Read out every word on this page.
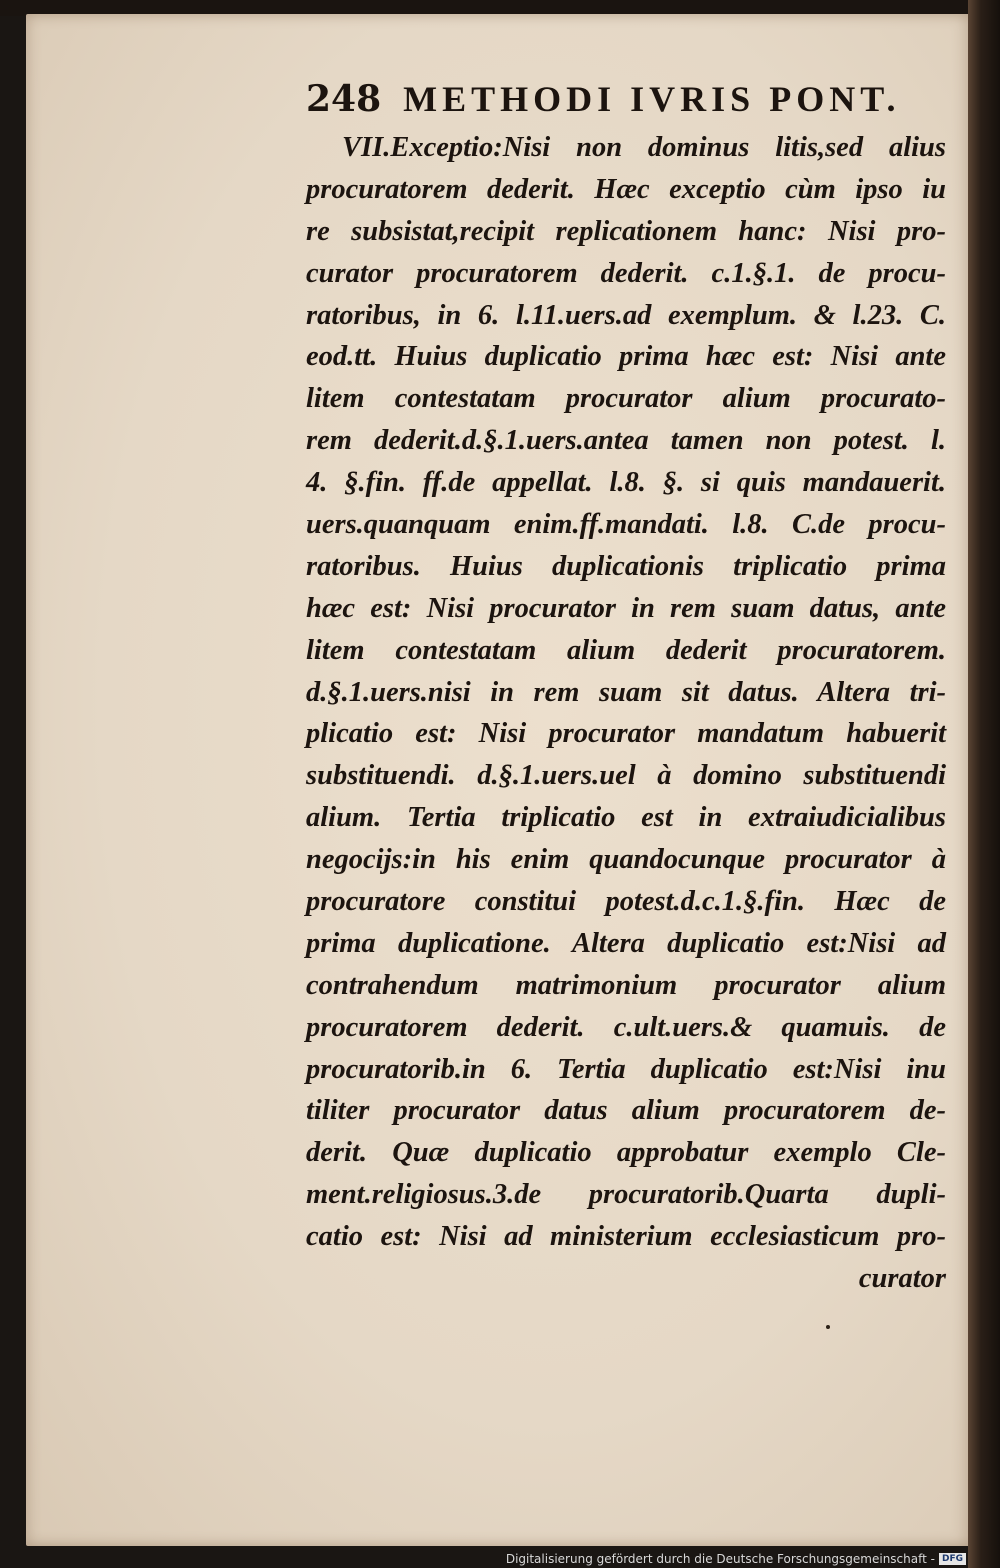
248 METHODI IVRIS PONT.
VII.Exceptio:Nisi non dominus litis,sed alius
procuratorem dederit. Hæc exceptio cùm ipso iu
re subsistat,recipit replicationem hanc: Nisi pro-
curator procuratorem dederit. c.1.§.1. de procu-
ratoribus, in 6. l.11.uers.ad exemplum. & l.23. C.
eod.tt. Huius duplicatio prima hæc est: Nisi ante
litem contestatam procurator alium procurato-
rem dederit.d.§.1.uers.antea tamen non potest. l.
4. §.fin. ff.de appellat. l.8. §. si quis mandauerit.
uers.quanquam enim.ff.mandati. l.8. C.de procu-
ratoribus. Huius duplicationis triplicatio prima
hæc est: Nisi procurator in rem suam datus, ante
litem contestatam alium dederit procuratorem.
d.§.1.uers.nisi in rem suam sit datus. Altera tri-
plicatio est: Nisi procurator mandatum habuerit
substituendi. d.§.1.uers.uel à domino substituendi
alium. Tertia triplicatio est in extraiudicialibus
negocijs:in his enim quandocunque procurator à
procuratore constitui potest.d.c.1.§.fin. Hæc de
prima duplicatione. Altera duplicatio est:Nisi ad
contrahendum matrimonium procurator alium
procuratorem dederit. c.ult.uers.& quamuis. de
procuratorib.in 6. Tertia duplicatio est:Nisi inu
tiliter procurator datus alium procuratorem de-
derit. Quæ duplicatio approbatur exemplo Cle-
ment.religiosus.3.de procuratorib.Quarta dupli-
catio est: Nisi ad ministerium ecclesiasticum pro-
curator
Digitalisierung gefördert durch die Deutsche Forschungsgemeinschaft - DFG
